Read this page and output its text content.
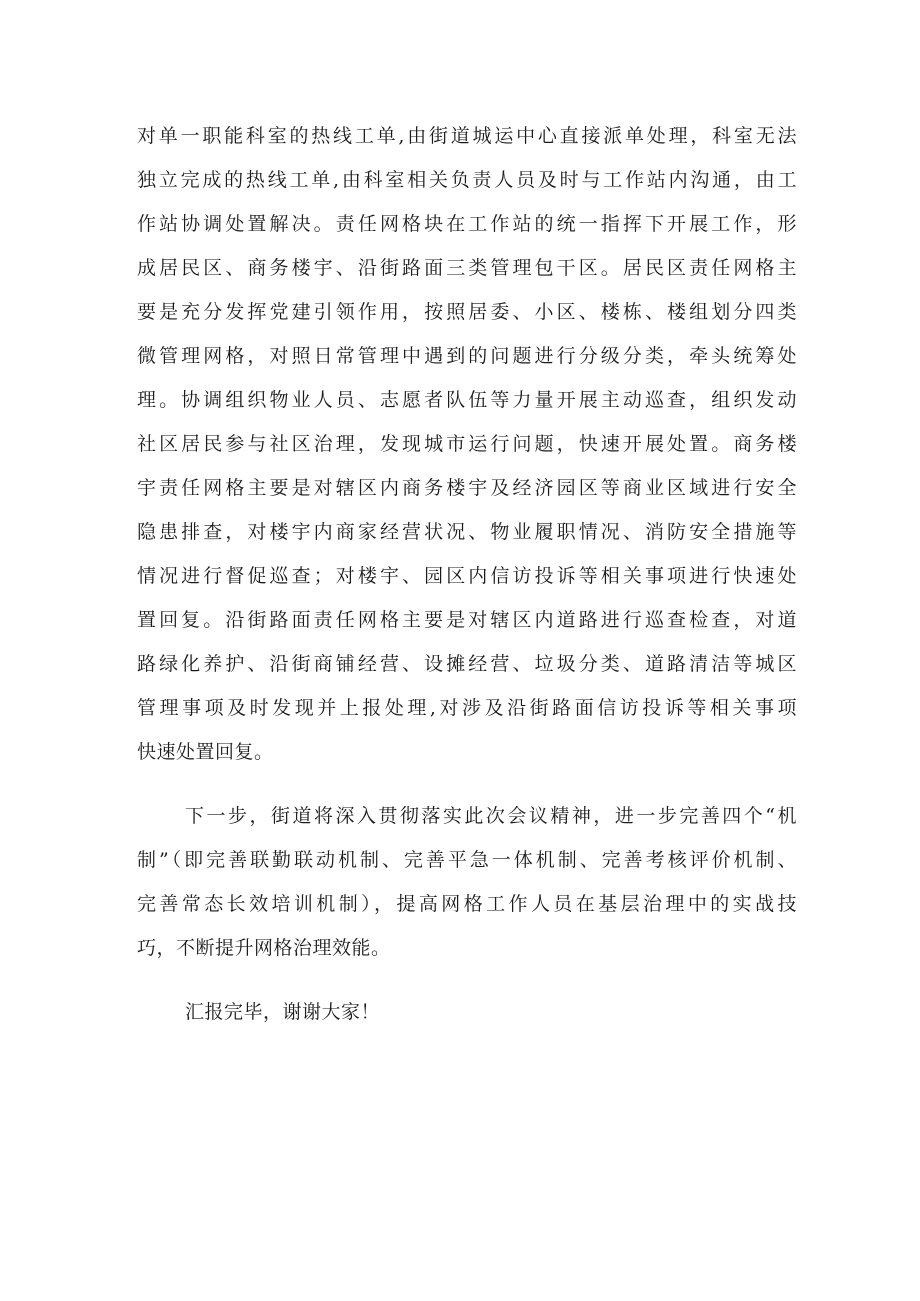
对单一职能科室的热线工单,由街道城运中心直接派单处理，科室无法
独立完成的热线工单,由科室相关负责人员及时与工作站内沟通，由工
作站协调处置解决。责任网格块在工作站的统一指挥下开展工作，形
成居民区、商务楼宇、沿街路面三类管理包干区。居民区责任网格主
要是充分发挥党建引领作用，按照居委、小区、楼栋、楼组划分四类
微管理网格，对照日常管理中遇到的问题进行分级分类，牵头统筹处
理。协调组织物业人员、志愿者队伍等力量开展主动巡查，组织发动
社区居民参与社区治理，发现城市运行问题，快速开展处置。商务楼
宇责任网格主要是对辖区内商务楼宇及经济园区等商业区域进行安全
隐患排查，对楼宇内商家经营状况、物业履职情况、消防安全措施等
情况进行督促巡查；对楼宇、园区内信访投诉等相关事项进行快速处
置回复。沿街路面责任网格主要是对辖区内道路进行巡查检查，对道
路绿化养护、沿街商铺经营、设摊经营、垃圾分类、道路清洁等城区
管理事项及时发现并上报处理,对涉及沿街路面信访投诉等相关事项
快速处置回复。
下一步，街道将深入贯彻落实此次会议精神，进一步完善四个“机
制”（即完善联勤联动机制、完善平急一体机制、完善考核评价机制、
完善常态长效培训机制），提高网格工作人员在基层治理中的实战技
巧，不断提升网格治理效能。
汇报完毕，谢谢大家！
